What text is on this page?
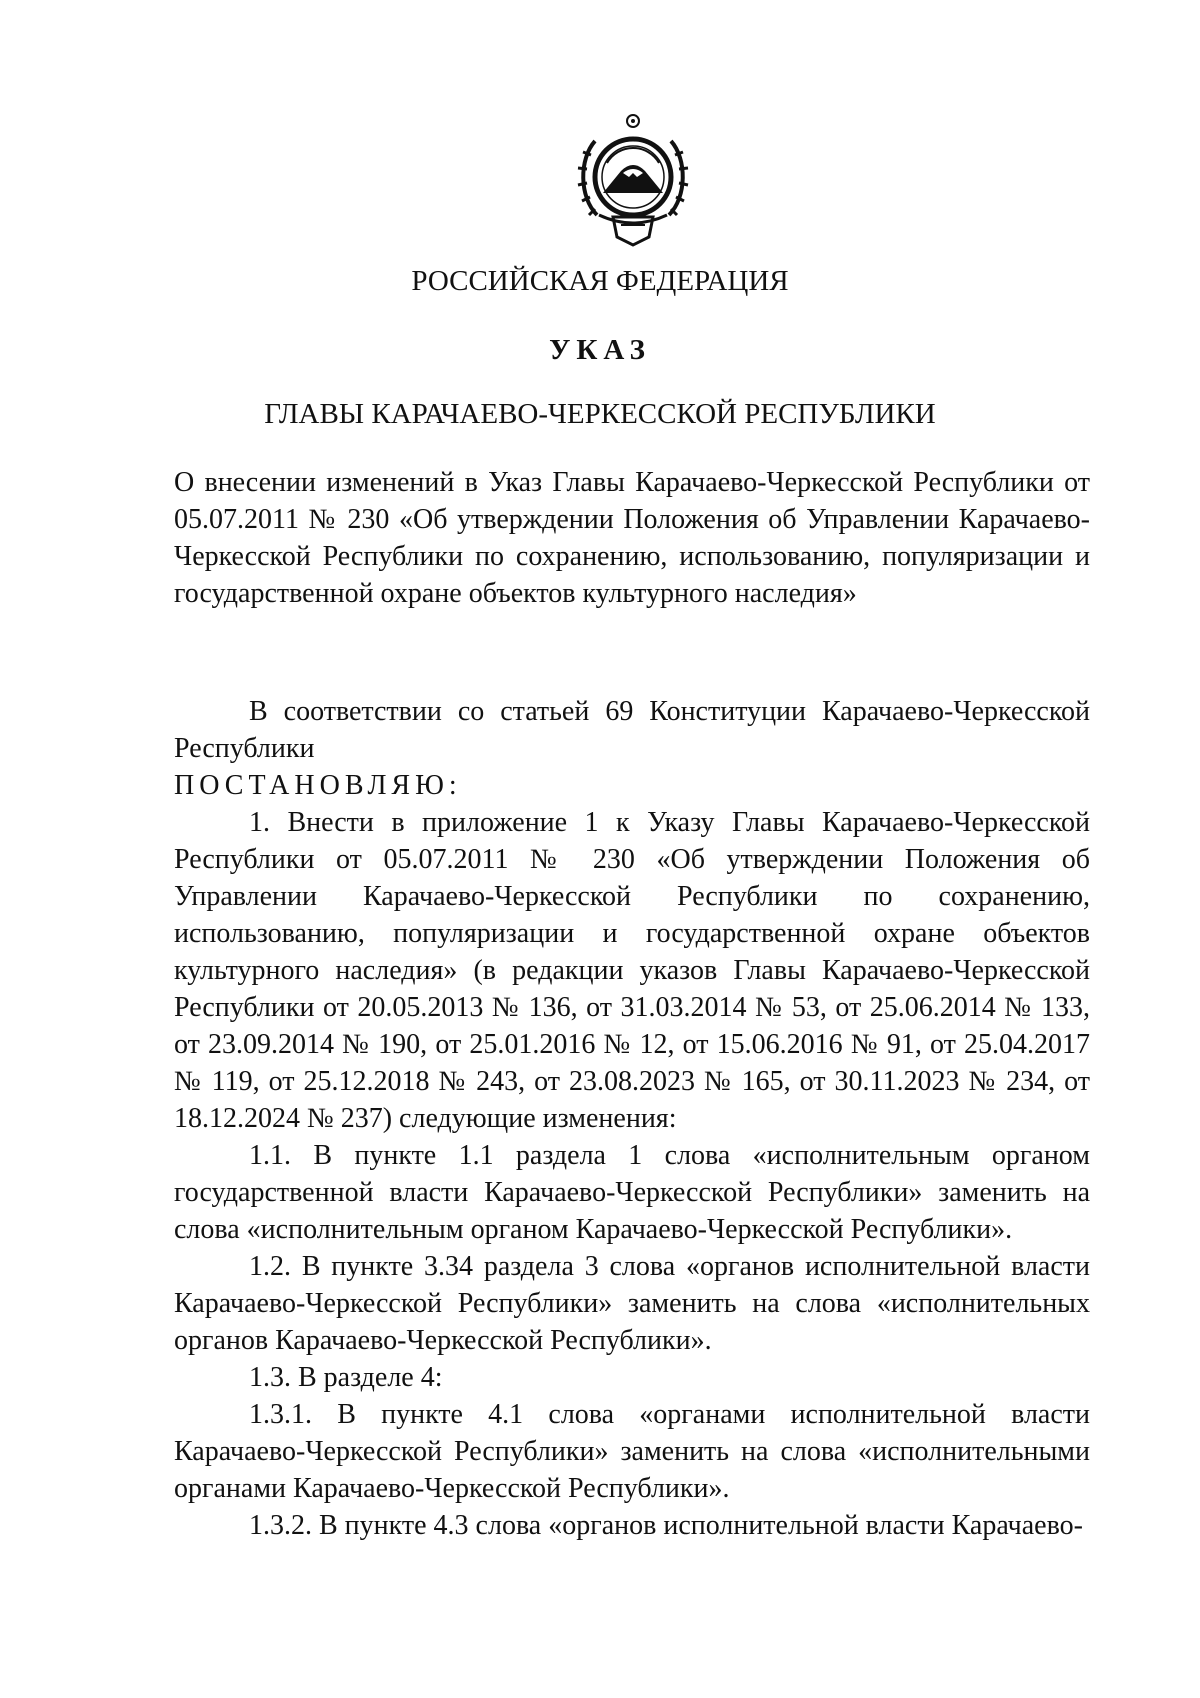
РОССИЙСКАЯ ФЕДЕРАЦИЯ
УКАЗ
ГЛАВЫ КАРАЧАЕВО-ЧЕРКЕССКОЙ РЕСПУБЛИКИ

О внесении изменений в Указ Главы Карачаево-Черкесской Республики от 05.07.2011 № 230 «Об утверждении Положения об Управлении Карачаево-Черкесской Республики по сохранению, использованию, популяризации и государственной охране объектов культурного наследия»

В соответствии со статьей 69 Конституции Карачаево-Черкесской Республики

ПОСТАНОВЛЯЮ:

1. Внести в приложение 1 к Указу Главы Карачаево-Черкесской Республики от 05.07.2011 № 230 «Об утверждении Положения об Управлении Карачаево-Черкесской Республики по сохранению, использованию, популяризации и государственной охране объектов культурного наследия» (в редакции указов Главы Карачаево-Черкесской Республики от 20.05.2013 № 136, от 31.03.2014 № 53, от 25.06.2014 № 133, от 23.09.2014 № 190, от 25.01.2016 № 12, от 15.06.2016 № 91, от 25.04.2017 № 119, от 25.12.2018 № 243, от 23.08.2023 № 165, от 30.11.2023 № 234, от 18.12.2024 № 237) следующие изменения:

1.1. В пункте 1.1 раздела 1 слова «исполнительным органом государственной власти Карачаево-Черкесской Республики» заменить на слова «исполнительным органом Карачаево-Черкесской Республики».

1.2. В пункте 3.34 раздела 3 слова «органов исполнительной власти Карачаево-Черкесской Республики» заменить на слова «исполнительных органов Карачаево-Черкесской Республики».

1.3. В разделе 4:

1.3.1. В пункте 4.1 слова «органами исполнительной власти Карачаево-Черкесской Республики» заменить на слова «исполнительными органами Карачаево-Черкесской Республики».

1.3.2. В пункте 4.3 слова «органов исполнительной власти Карачаево-
